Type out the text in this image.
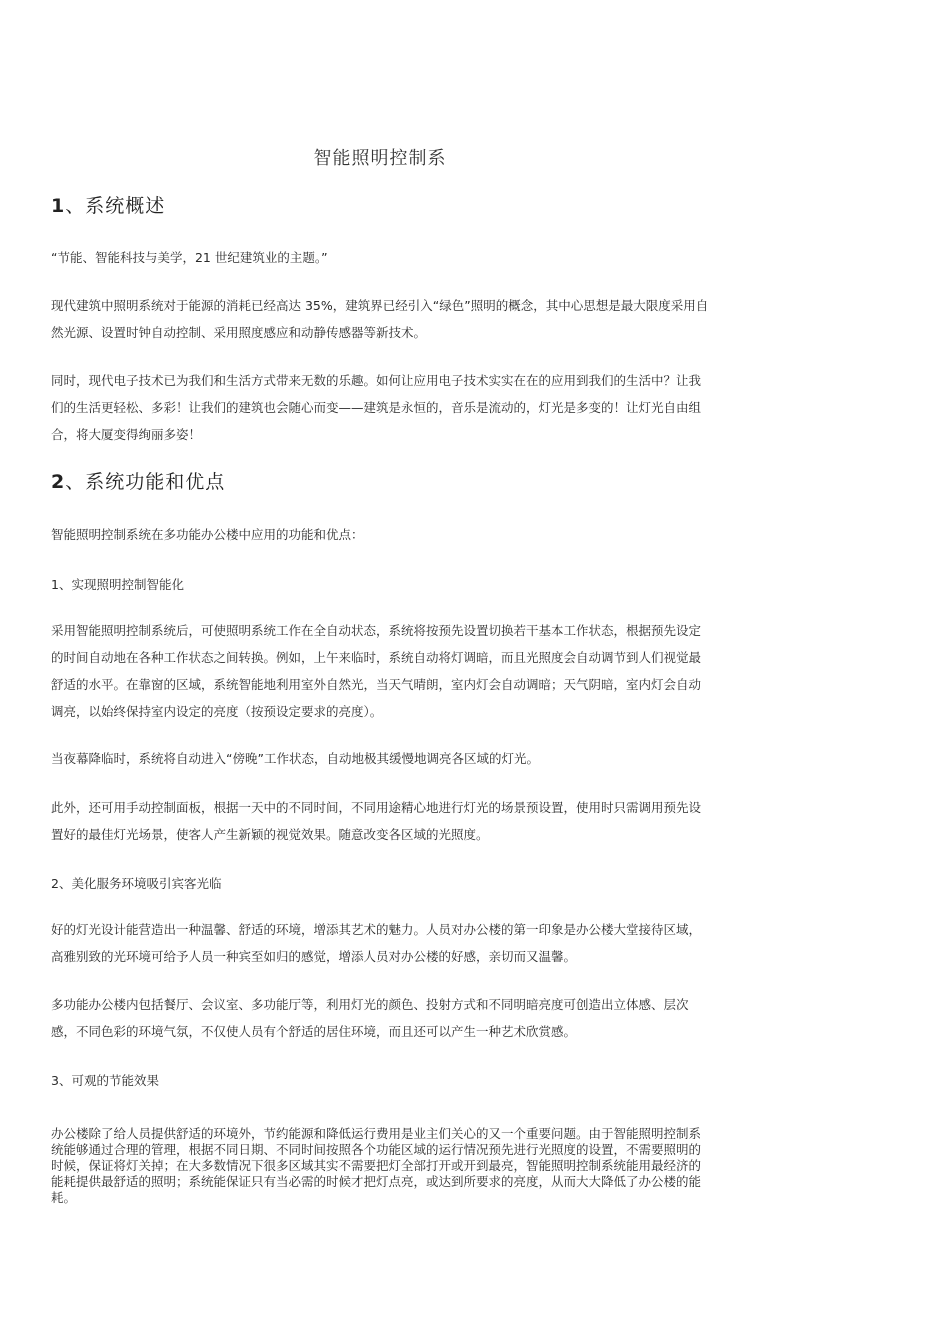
智能照明控制系
1、系统概述
“节能、智能科技与美学，21 世纪建筑业的主题。”
现代建筑中照明系统对于能源的消耗已经高达 35%，建筑界已经引入“绿色”照明的概念，其中心思想是最大限度采用自然光源、设置时钟自动控制、采用照度感应和动静传感器等新技术。
同时，现代电子技术已为我们和生活方式带来无数的乐趣。如何让应用电子技术实实在在的应用到我们的生活中？让我们的生活更轻松、多彩！让我们的建筑也会随心而变——建筑是永恒的，音乐是流动的，灯光是多变的！让灯光自由组合，将大厦变得绚丽多姿！
2、系统功能和优点
智能照明控制系统在多功能办公楼中应用的功能和优点：
1、实现照明控制智能化
采用智能照明控制系统后，可使照明系统工作在全自动状态，系统将按预先设置切换若干基本工作状态，根据预先设定的时间自动地在各种工作状态之间转换。例如，上午来临时，系统自动将灯调暗，而且光照度会自动调节到人们视觉最舒适的水平。在靠窗的区域，系统智能地利用室外自然光，当天气晴朗，室内灯会自动调暗；天气阴暗，室内灯会自动调亮，以始终保持室内设定的亮度（按预设定要求的亮度）。
当夜幕降临时，系统将自动进入“傍晚”工作状态，自动地极其缓慢地调亮各区域的灯光。
此外，还可用手动控制面板，根据一天中的不同时间，不同用途精心地进行灯光的场景预设置，使用时只需调用预先设置好的最佳灯光场景，使客人产生新颖的视觉效果。随意改变各区域的光照度。
2、美化服务环境吸引宾客光临
好的灯光设计能营造出一种温馨、舒适的环境，增添其艺术的魅力。人员对办公楼的第一印象是办公楼大堂接待区域，高雅别致的光环境可给予人员一种宾至如归的感觉，增添人员对办公楼的好感，亲切而又温馨。
多功能办公楼内包括餐厅、会议室、多功能厅等，利用灯光的颜色、投射方式和不同明暗亮度可创造出立体感、层次感，不同色彩的环境气氛，不仅使人员有个舒适的居住环境，而且还可以产生一种艺术欣赏感。
3、可观的节能效果
办公楼除了给人员提供舒适的环境外，节约能源和降低运行费用是业主们关心的又一个重要问题。由于智能照明控制系统能够通过合理的管理，根据不同日期、不同时间按照各个功能区域的运行情况预先进行光照度的设置，不需要照明的时候，保证将灯关掉；在大多数情况下很多区域其实不需要把灯全部打开或开到最亮，智能照明控制系统能用最经济的能耗提供最舒适的照明；系统能保证只有当必需的时候才把灯点亮，或达到所要求的亮度，从而大大降低了办公楼的能耗。
